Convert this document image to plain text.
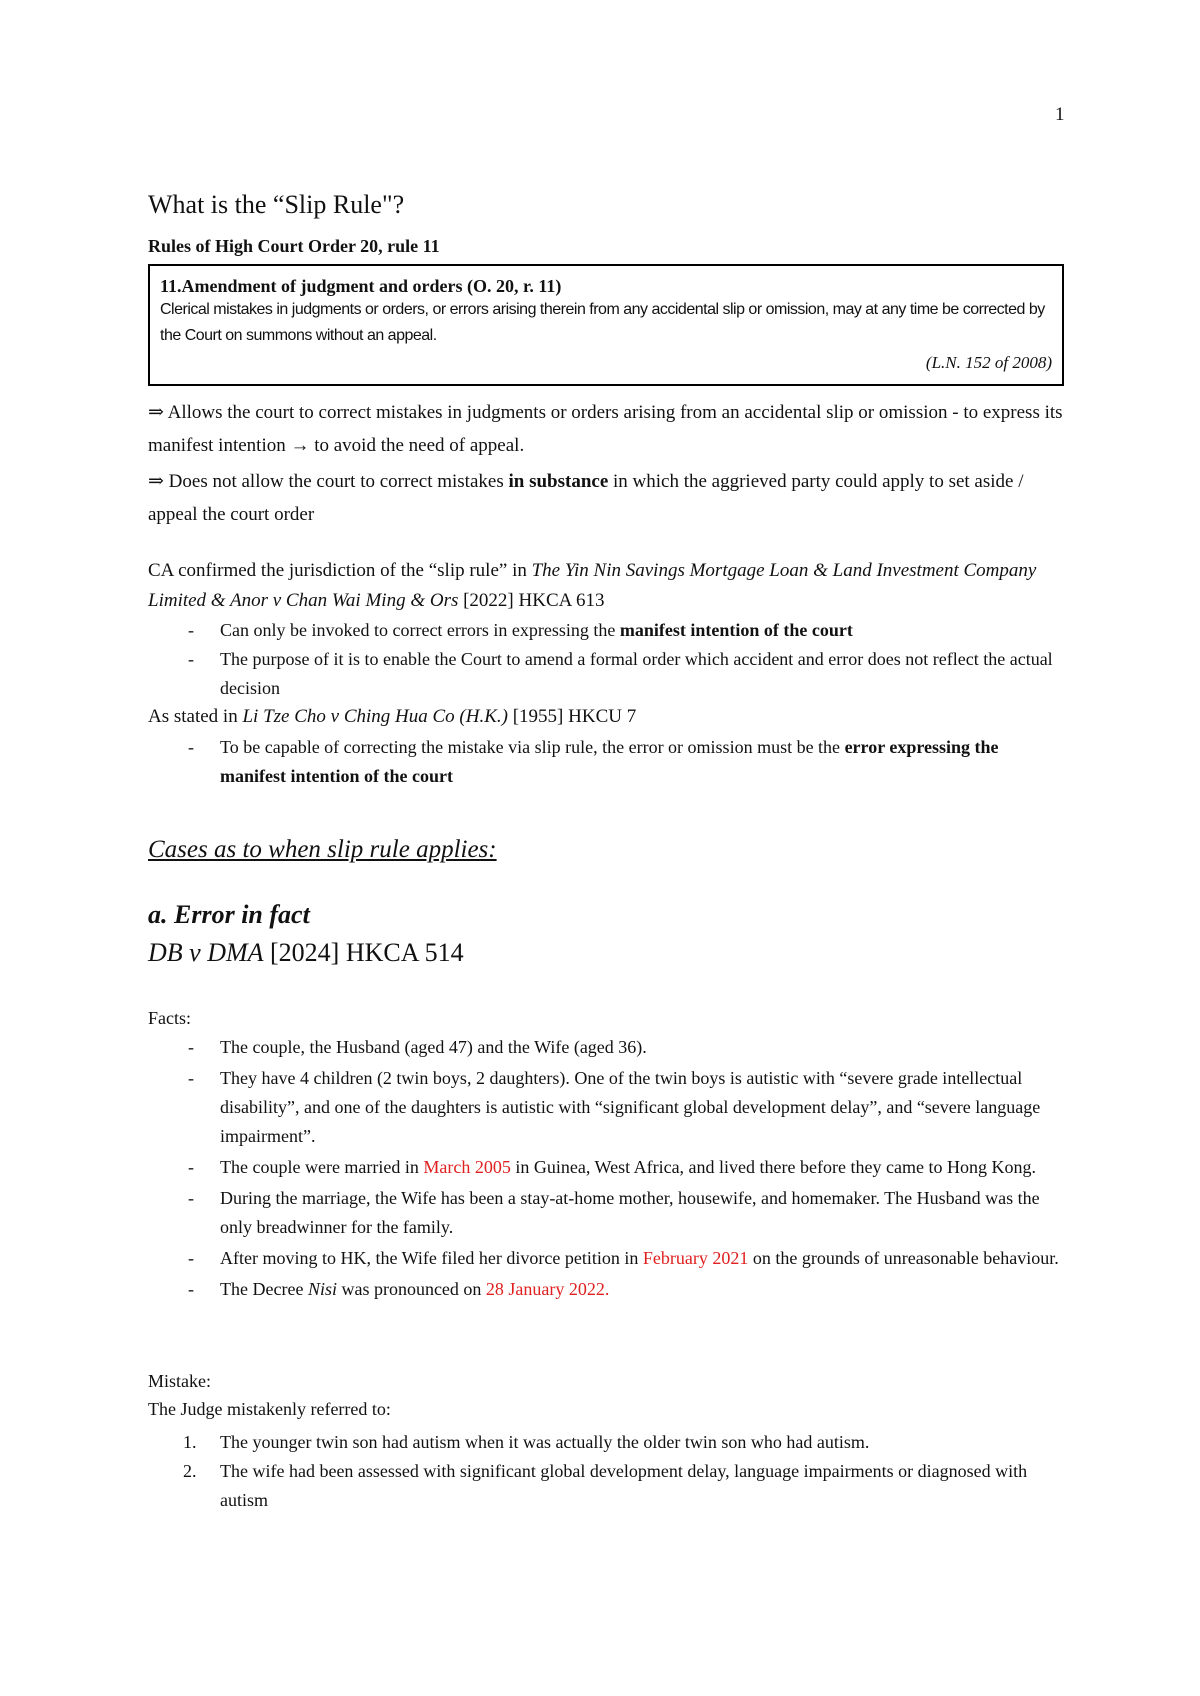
1
What is the “Slip Rule"?
Rules of High Court Order 20, rule 11
11.Amendment of judgment and orders (O. 20, r. 11)
Clerical mistakes in judgments or orders, or errors arising therein from any accidental slip or omission, may at any time be corrected by the Court on summons without an appeal.
(L.N. 152 of 2008)
⇒ Allows the court to correct mistakes in judgments or orders arising from an accidental slip or omission - to express its manifest intention → to avoid the need of appeal.
⇒ Does not allow the court to correct mistakes in substance in which the aggrieved party could apply to set aside / appeal the court order
CA confirmed the jurisdiction of the “slip rule” in The Yin Nin Savings Mortgage Loan & Land Investment Company Limited & Anor v Chan Wai Ming & Ors [2022] HKCA 613
- Can only be invoked to correct errors in expressing the manifest intention of the court
- The purpose of it is to enable the Court to amend a formal order which accident and error does not reflect the actual decision
As stated in Li Tze Cho v Ching Hua Co (H.K.) [1955] HKCU 7
- To be capable of correcting the mistake via slip rule, the error or omission must be the error expressing the manifest intention of the court
Cases as to when slip rule applies:
a. Error in fact
DB v DMA [2024] HKCA 514
Facts:
- The couple, the Husband (aged 47) and the Wife (aged 36).
- They have 4 children (2 twin boys, 2 daughters). One of the twin boys is autistic with “severe grade intellectual disability”, and one of the daughters is autistic with “significant global development delay”, and “severe language impairment”.
- The couple were married in March 2005 in Guinea, West Africa, and lived there before they came to Hong Kong.
- During the marriage, the Wife has been a stay-at-home mother, housewife, and homemaker. The Husband was the only breadwinner for the family.
- After moving to HK, the Wife filed her divorce petition in February 2021 on the grounds of unreasonable behaviour.
- The Decree Nisi was pronounced on 28 January 2022.
Mistake:
The Judge mistakenly referred to:
1. The younger twin son had autism when it was actually the older twin son who had autism.
2. The wife had been assessed with significant global development delay, language impairments or diagnosed with autism
